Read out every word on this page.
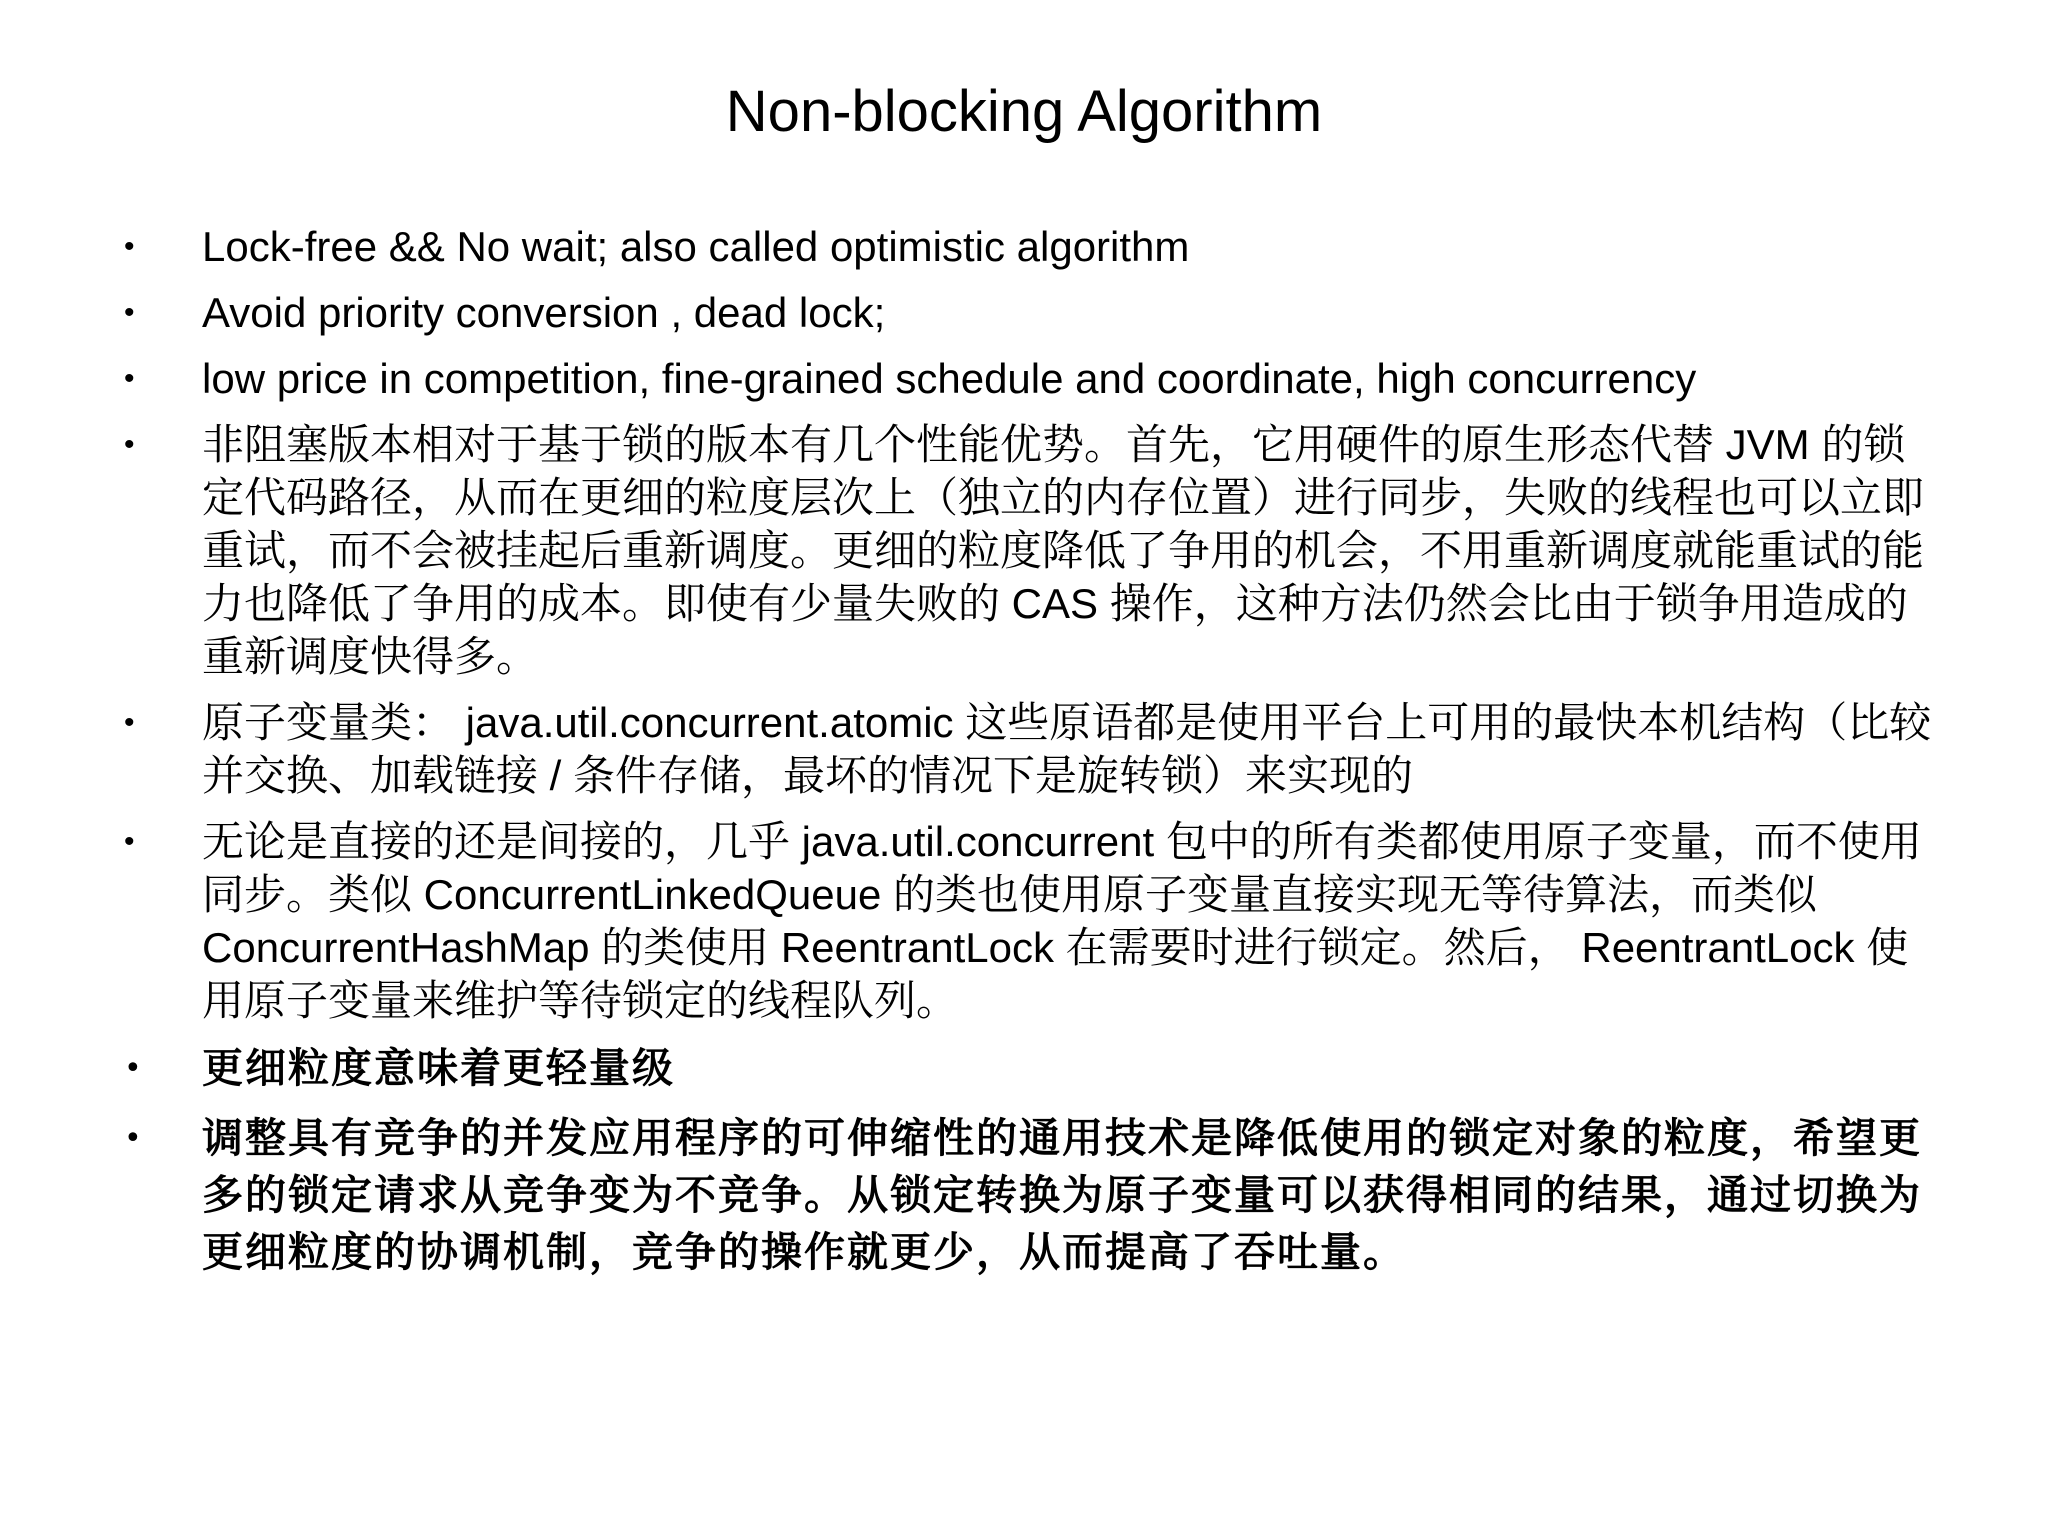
Non-blocking Algorithm
• Lock-free && No wait; also called optimistic algorithm
• Avoid priority conversion , dead lock;
• low price in competition, fine-grained schedule and coordinate, high concurrency
• 非阻塞版本相对于基于锁的版本有几个性能优势。首先，它用硬件的原生形态代替 JVM 的锁定代码路径，从而在更细的粒度层次上（独立的内存位置）进行同步，失败的线程也可以立即重试，而不会被挂起后重新调度。更细的粒度降低了争用的机会，不用重新调度就能重试的能力也降低了争用的成本。即使有少量失败的 CAS 操作，这种方法仍然会比由于锁争用造成的重新调度快得多。
• 原子变量类： java.util.concurrent.atomic 这些原语都是使用平台上可用的最快本机结构（比较并交换、加载链接 / 条件存储，最坏的情况下是旋转锁）来实现的
• 无论是直接的还是间接的，几乎 java.util.concurrent 包中的所有类都使用原子变量，而不使用同步。类似 ConcurrentLinkedQueue 的类也使用原子变量直接实现无等待算法，而类似 ConcurrentHashMap 的类使用 ReentrantLock 在需要时进行锁定。然后， ReentrantLock 使用原子变量来维护等待锁定的线程队列。
• 更细粒度意味着更轻量级
• 调整具有竞争的并发应用程序的可伸缩性的通用技术是降低使用的锁定对象的粒度，希望更多的锁定请求从竞争变为不竞争。从锁定转换为原子变量可以获得相同的结果，通过切换为更细粒度的协调机制，竞争的操作就更少，从而提高了吞吐量。
